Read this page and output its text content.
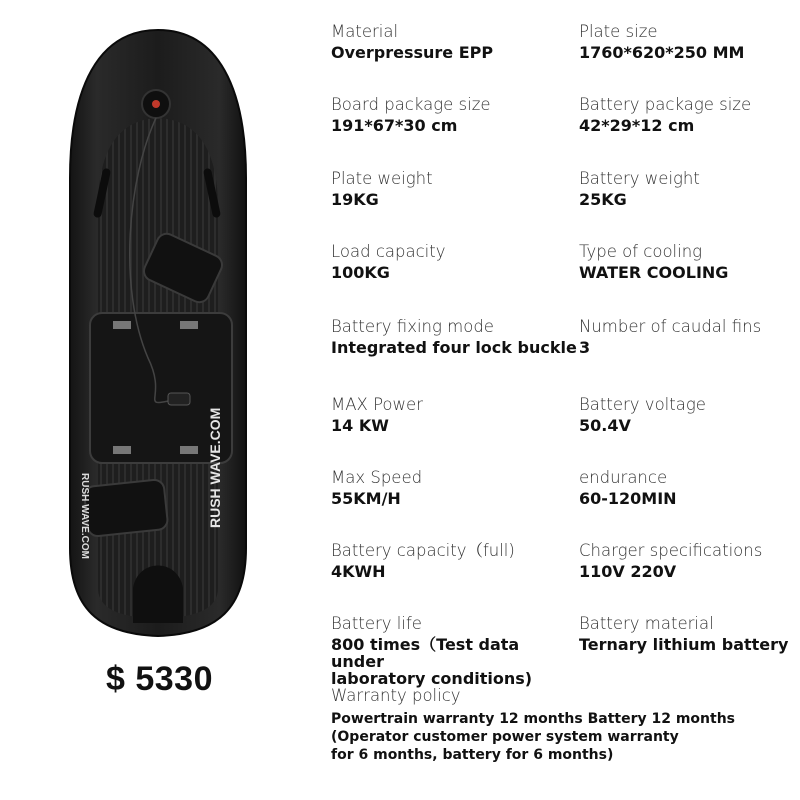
RUSH WAVE.COM	RUSH WAVE.COM
$ 5330
Material
Overpressure EPP
Plate size
1760*620*250 MM
Board package size
191*67*30 cm
Battery package size
42*29*12 cm
Plate weight
19KG
Battery weight
25KG
Load capacity
100KG
Type of cooling
WATER COOLING
Battery fixing mode
Integrated four lock buckle
Number of caudal fins
3
MAX Power
14 KW
Battery voltage
50.4V
Max Speed
55KM/H
endurance
60-120MIN
Battery capacity（full)
4KWH
Charger specifications
110V 220V
Battery life
800 times（Test data under
laboratory conditions)
Battery material
Ternary lithium battery
Warranty policy
Powertrain warranty 12 months Battery 12 months
(Operator customer power system warranty
for 6 months, battery for 6 months)
